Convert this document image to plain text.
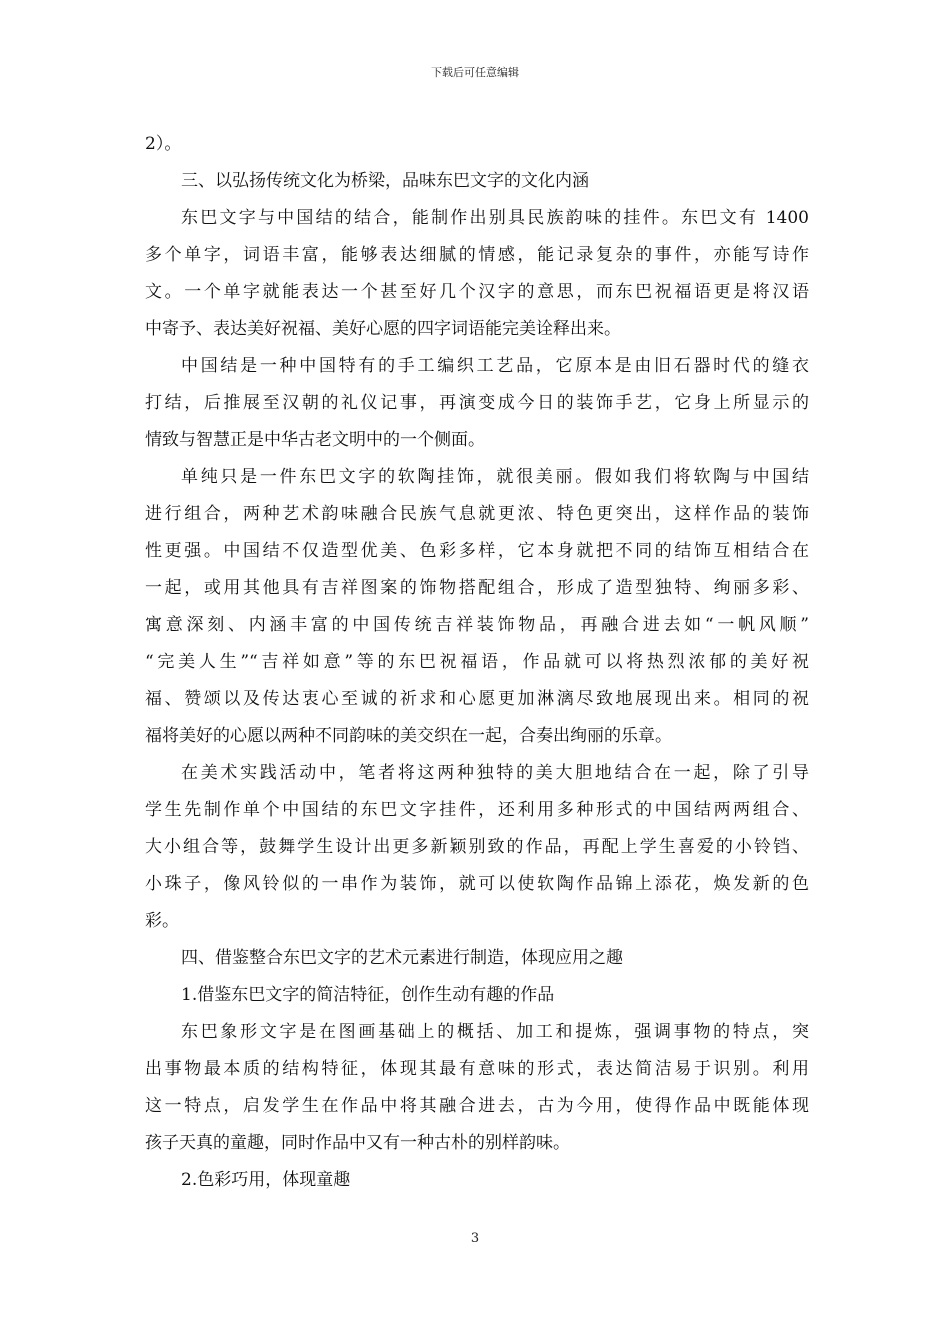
下载后可任意编辑
2）。
三、以弘扬传统文化为桥梁，品味东巴文字的文化内涵
东巴文字与中国结的结合，能制作出别具民族韵味的挂件。东巴文有 1400
多个单字，词语丰富，能够表达细腻的情感，能记录复杂的事件，亦能写诗作
文。一个单字就能表达一个甚至好几个汉字的意思，而东巴祝福语更是将汉语
中寄予、表达美好祝福、美好心愿的四字词语能完美诠释出来。
中国结是一种中国特有的手工编织工艺品，它原本是由旧石器时代的缝衣
打结，后推展至汉朝的礼仪记事，再演变成今日的装饰手艺，它身上所显示的
情致与智慧正是中华古老文明中的一个侧面。
单纯只是一件东巴文字的软陶挂饰，就很美丽。假如我们将软陶与中国结
进行组合，两种艺术韵味融合民族气息就更浓、特色更突出，这样作品的装饰
性更强。中国结不仅造型优美、色彩多样，它本身就把不同的结饰互相结合在
一起，或用其他具有吉祥图案的饰物搭配组合，形成了造型独特、绚丽多彩、
寓意深刻、内涵丰富的中国传统吉祥装饰物品，再融合进去如“一帆风顺”
“完美人生”“吉祥如意”等的东巴祝福语，作品就可以将热烈浓郁的美好祝
福、赞颂以及传达衷心至诚的祈求和心愿更加淋漓尽致地展现出来。相同的祝
福将美好的心愿以两种不同韵味的美交织在一起，合奏出绚丽的乐章。
在美术实践活动中，笔者将这两种独特的美大胆地结合在一起，除了引导
学生先制作单个中国结的东巴文字挂件，还利用多种形式的中国结两两组合、
大小组合等，鼓舞学生设计出更多新颖别致的作品，再配上学生喜爱的小铃铛、
小珠子，像风铃似的一串作为装饰，就可以使软陶作品锦上添花，焕发新的色
彩。
四、借鉴整合东巴文字的艺术元素进行制造，体现应用之趣
1.借鉴东巴文字的简洁特征，创作生动有趣的作品
东巴象形文字是在图画基础上的概括、加工和提炼，强调事物的特点，突
出事物最本质的结构特征，体现其最有意味的形式，表达简洁易于识别。利用
这一特点，启发学生在作品中将其融合进去，古为今用，使得作品中既能体现
孩子天真的童趣，同时作品中又有一种古朴的别样韵味。
2.色彩巧用，体现童趣
3
